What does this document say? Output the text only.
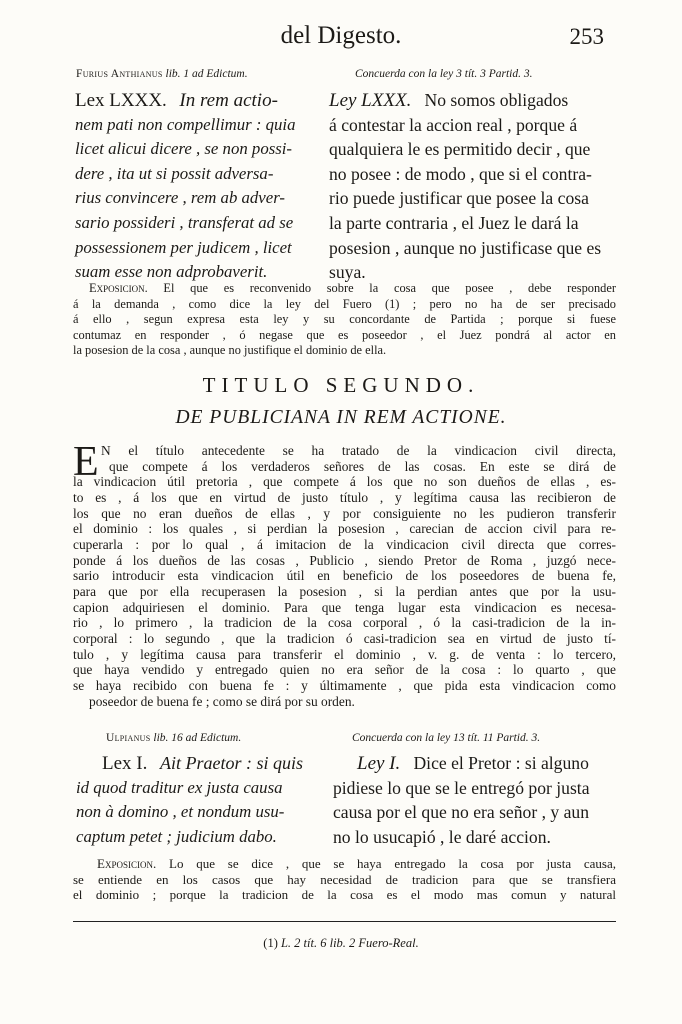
del Digesto.	253
Furius Anthianus lib. 1 ad Edictum.	Concuerda con la ley 3 tít. 3 Partid. 3.
Lex LXXX. In rem actio-
nem pati non compellimur : quia
licet alicui dicere , se non possi-
dere , ita ut si possit adversa-
rius convincere , rem ab adver-
sario possideri , transferat ad se
possessionem per judicem , licet
suam esse non adprobaverit.
Ley LXXX. No somos obligados
á contestar la accion real , porque á
qualquiera le es permitido decir , que
no posee : de modo , que si el contra-
rio puede justificar que posee la cosa
la parte contraria , el Juez le dará la
posesion , aunque no justificase que es
suya.
Exposicion. El que es reconvenido sobre la cosa que posee , debe responder
á la demanda , como dice la ley del Fuero (1) ; pero no ha de ser precisado
á ello , segun expresa esta ley y su concordante de Partida ; porque si fuese
contumaz en responder , ó negase que es poseedor , el Juez pondrá al actor en
la posesion de la cosa , aunque no justifique el dominio de ella.
TITULO SEGUNDO.
DE PUBLICIANA IN REM ACTIONE.
E N el título antecedente se ha tratado de la vindicacion civil directa,
que compete á los verdaderos señores de las cosas. En este se dirá de
la vindicacion útil pretoria , que compete á los que no son dueños de ellas , es-
to es , á los que en virtud de justo título , y legítima causa las recibieron de
los que no eran dueños de ellas , y por consiguiente no les pudieron transferir
el dominio : los quales , si perdian la posesion , carecian de accion civil para re-
cuperarla : por lo qual , á imitacion de la vindicacion civil directa que corres-
ponde á los dueños de las cosas , Publicio , siendo Pretor de Roma , juzgó nece-
sario introducir esta vindicacion útil en beneficio de los poseedores de buena fe,
para que por ella recuperasen la posesion , si la perdian antes que por la usu-
capion adquiriesen el dominio. Para que tenga lugar esta vindicacion es necesa-
rio , lo primero , la tradicion de la cosa corporal , ó la casi-tradicion de la in-
corporal : lo segundo , que la tradicion ó casi-tradicion sea en virtud de justo tí-
tulo , y legítima causa para transferir el dominio , v. g. de venta : lo tercero,
que haya vendido y entregado quien no era señor de la cosa : lo quarto , que
se haya recibido con buena fe : y últimamente , que pida esta vindicacion como
poseedor de buena fe ; como se dirá por su orden.
Ulpianus lib. 16 ad Edictum.	Concuerda con la ley 13 tít. 11 Partid. 3.
Lex I. Ait Praetor : si quis
id quod traditur ex justa causa
non à domino , et nondum usu-
captum petet ; judicium dabo.
Ley I. Dice el Pretor : si alguno
pidiese lo que se le entregó por justa
causa por el que no era señor , y aun
no lo usucapió , le daré accion.
Exposicion. Lo que se dice , que se haya entregado la cosa por justa causa,
se entiende en los casos que hay necesidad de tradicion para que se transfiera
el dominio ; porque la tradicion de la cosa es el modo mas comun y natural
(1) L. 2 tít. 6 lib. 2 Fuero-Real.
